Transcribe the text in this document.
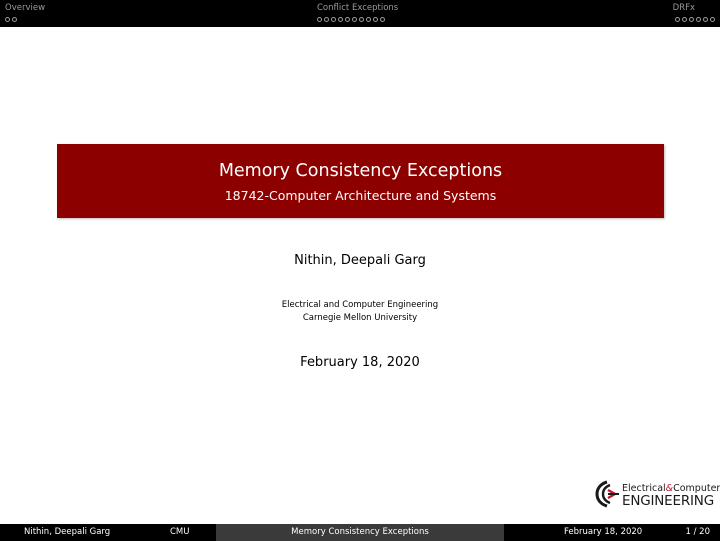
Overview	Conflict Exceptions	DRFx
Memory Consistency Exceptions
18742-Computer Architecture and Systems
Nithin, Deepali Garg
Electrical and Computer Engineering
Carnegie Mellon University
February 18, 2020
Electrical&Computer
ENGINEERING
Nithin, Deepali Garg	CMU	Memory Consistency Exceptions	February 18, 2020	1 / 20
